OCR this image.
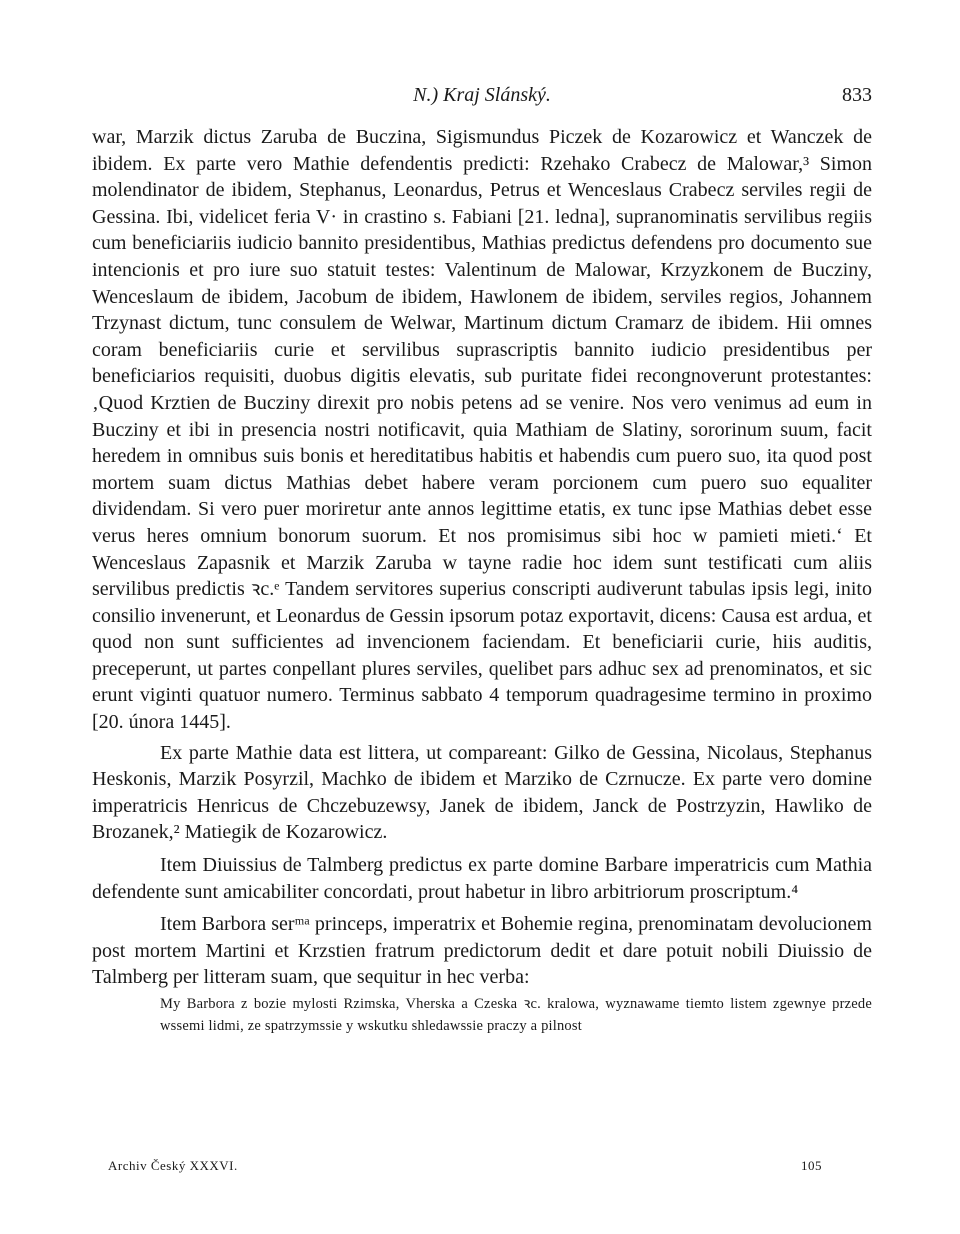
N.) Kraj Slánský.	833

war, Marzik dictus Zaruba de Buczina, Sigismundus Piczek de Kozarowicz et Wanczek de ibidem. Ex parte vero Mathie defendentis predicti: Rzehako Crabecz de Malowar,³ Simon molendinator de ibidem, Stephanus, Leonardus, Petrus et Wenceslaus Crabecz serviles regii de Gessina. Ibi, videlicet feria V· in crastino s. Fabiani [21. ledna], supranominatis servilibus regiis cum beneficiariis iudicio bannito presidentibus, Mathias predictus defendens pro documento sue intencionis et pro iure suo statuit testes: Valentinum de Malowar, Krzyzkonem de Bucziny, Wenceslaum de ibidem, Jacobum de ibidem, Hawlonem de ibidem, serviles regios, Johannem Trzynast dictum, tunc consulem de Welwar, Martinum dictum Cramarz de ibidem. Hii omnes coram beneficiariis curie et servilibus suprascriptis bannito iudicio presidentibus per beneficiarios requisiti, duobus digitis elevatis, sub puritate fidei recongnoverunt protestantes: ‚Quod Krztien de Bucziny direxit pro nobis petens ad se venire. Nos vero venimus ad eum in Bucziny et ibi in presencia nostri notificavit, quia Mathiam de Slatiny, sororinum suum, facit heredem in omnibus suis bonis et hereditatibus habitis et habendis cum puero suo, ita quod post mortem suam dictus Mathias debet habere veram porcionem cum puero suo equaliter dividendam. Si vero puer moriretur ante annos legittime etatis, ex tunc ipse Mathias debet esse verus heres omnium bonorum suorum. Et nos promisimus sibi hoc w pamieti mieti.ʻ Et Wenceslaus Zapasnik et Marzik Zaruba w tayne radie hoc idem sunt testificati cum aliis servilibus predictis ꝛc.ᵉ Tandem servitores superius conscripti audiverunt tabulas ipsis legi, inito consilio invenerunt, et Leonardus de Gessin ipsorum potaz exportavit, dicens: Causa est ardua, et quod non sunt sufficientes ad invencionem faciendam. Et beneficiarii curie, hiis auditis, preceperunt, ut partes conpellant plures serviles, quelibet pars adhuc sex ad prenominatos, et sic erunt viginti quatuor numero. Terminus sabbato 4 temporum quadragesime termino in proximo [20. února 1445].

Ex parte Mathie data est littera, ut compareant: Gilko de Gessina, Nicolaus, Stephanus Heskonis, Marzik Posyrzil, Machko de ibidem et Marziko de Czrnucze. Ex parte vero domine imperatricis Henricus de Chczebuzewsy, Janek de ibidem, Janck de Postrzyzin, Hawliko de Brozanek,² Matiegik de Kozarowicz.

Item Diuissius de Talmberg predictus ex parte domine Barbare imperatricis cum Mathia defendente sunt amicabiliter concordati, prout habetur in libro arbitriorum proscriptum.⁴

Item Barbora serᵐᵃ princeps, imperatrix et Bohemie regina, prenominatam devolucionem post mortem Martini et Krzstien fratrum predictorum dedit et dare potuit nobili Diuissio de Talmberg per litteram suam, que sequitur in hec verba:

My Barbora z bozie mylosti Rzimska, Vherska a Czeska ꝛc. kralowa, wyznawame tiemto listem zgewnye przede wssemi lidmi, ze spatrzymssie y wskutku shledawssie praczy a pilnost

Archiv Český XXXVI.	105
